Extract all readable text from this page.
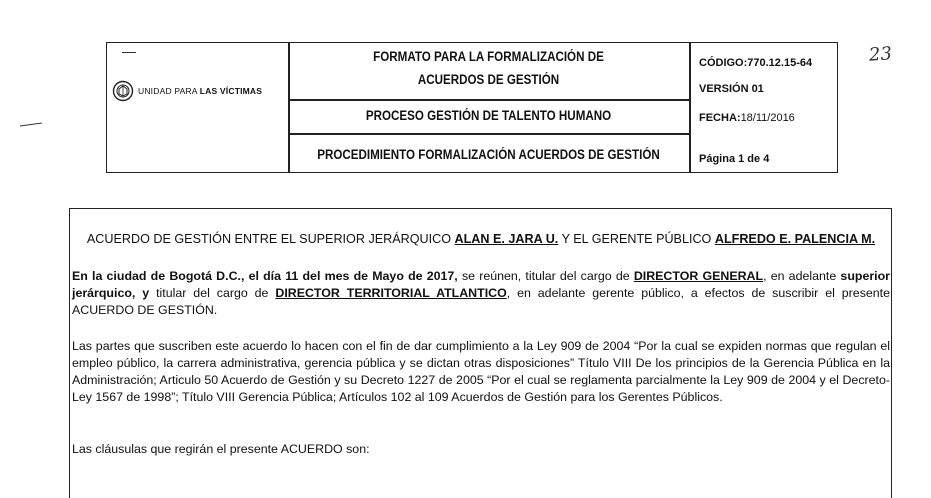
UNIDAD PARA LAS VÍCTIMAS
FORMATO PARA LA FORMALIZACIÓN DE
ACUERDOS DE GESTIÓN
PROCESO GESTIÓN DE TALENTO HUMANO
PROCEDIMIENTO FORMALIZACIÓN ACUERDOS DE GESTIÓN
CÓDIGO:770.12.15-64
VERSIÓN 01
FECHA:18/11/2016
Página 1 de 4
23
ACUERDO DE GESTIÓN ENTRE EL SUPERIOR JERÁRQUICO ALAN E. JARA U. Y EL GERENTE PÚBLICO ALFREDO E. PALENCIA M.
En la ciudad de Bogotá D.C., el día 11 del mes de Mayo de 2017, se reúnen, titular del cargo de DIRECTOR GENERAL, en adelante superior jerárquico, y titular del cargo de DIRECTOR TERRITORIAL ATLANTICO, en adelante gerente público, a efectos de suscribir el presente ACUERDO DE GESTIÓN.
Las partes que suscriben este acuerdo lo hacen con el fin de dar cumplimiento a la Ley 909 de 2004 “Por la cual se expiden normas que regulan el empleo público, la carrera administrativa, gerencia pública y se dictan otras disposiciones” Título VIII De los principios de la Gerencia Pública en la Administración; Articulo 50 Acuerdo de Gestión y su Decreto 1227 de 2005 “Por el cual se reglamenta parcialmente la Ley 909 de 2004 y el Decreto-Ley 1567 de 1998”; Título VIII Gerencia Pública; Artículos 102 al 109 Acuerdos de Gestión para los Gerentes Públicos.
Las cláusulas que regirán el presente ACUERDO son:
